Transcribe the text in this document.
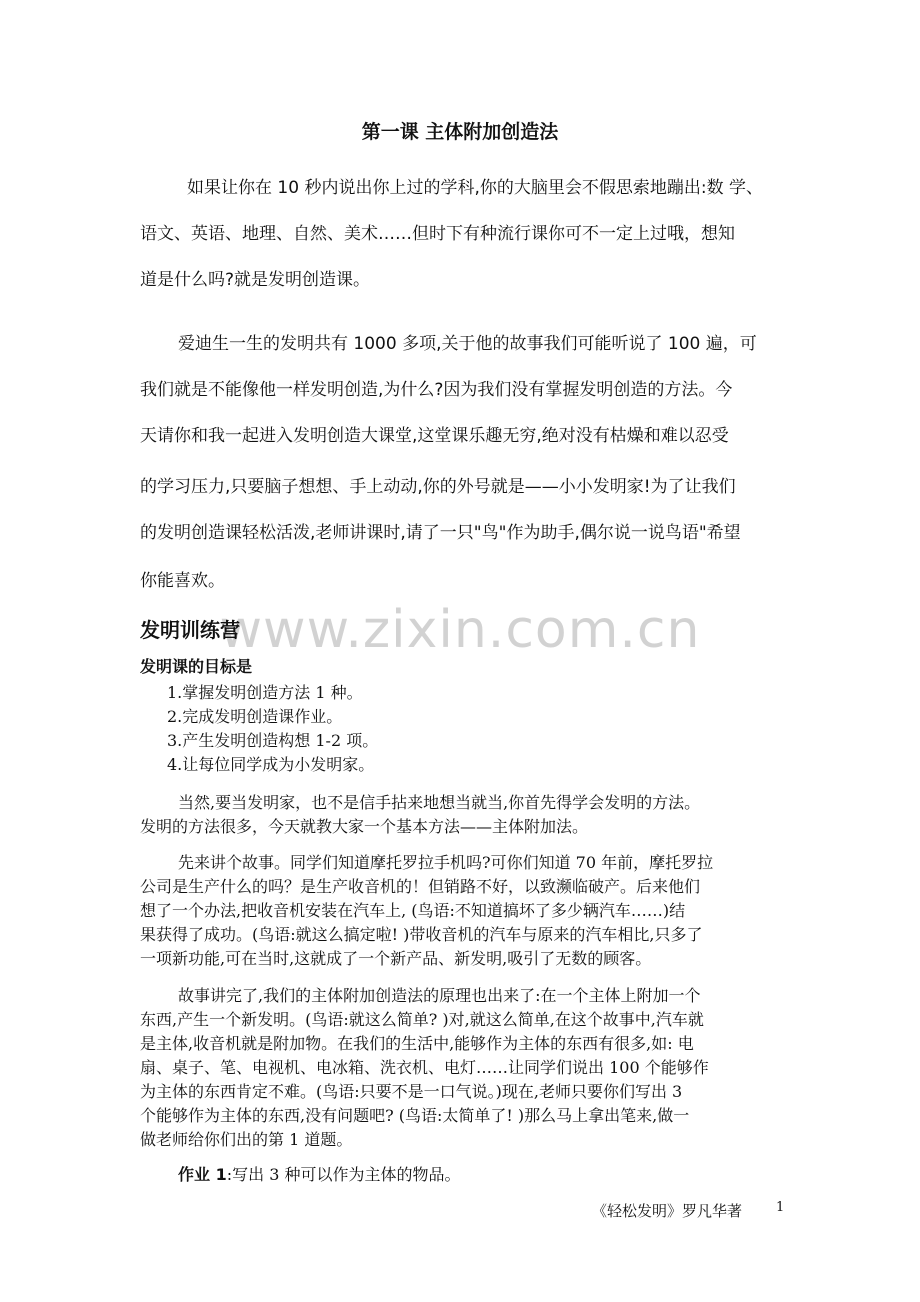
第一课 主体附加创造法
如果让你在 10 秒内说出你上过的学科,你的大脑里会不假思索地蹦出:数 学、
语文、英语、地理、自然、美术……但时下有种流行课你可不一定上过哦，想知
道是什么吗?就是发明创造课。
爱迪生一生的发明共有 1000 多项,关于他的故事我们可能听说了 100 遍，可
我们就是不能像他一样发明创造,为什么?因为我们没有掌握发明创造的方法。今
天请你和我一起进入发明创造大课堂,这堂课乐趣无穷,绝对没有枯燥和难以忍受
的学习压力,只要脑子想想、手上动动,你的外号就是——小小发明家!为了让我们
的发明创造课轻松活泼,老师讲课时,请了一只"鸟"作为助手,偶尔说一说鸟语"希望
你能喜欢。
www.zixin.com.cn
发明训练营
发明课的目标是
1.掌握发明创造方法 1 种。
2.完成发明创造课作业。
3.产生发明创造构想 1-2 项。
4.让每位同学成为小发明家。
当然,要当发明家，也不是信手拈来地想当就当,你首先得学会发明的方法。
发明的方法很多，今天就教大家一个基本方法——主体附加法。
先来讲个故事。同学们知道摩托罗拉手机吗?可你们知道 70 年前，摩托罗拉
公司是生产什么的吗？是生产收音机的！但销路不好，以致濒临破产。后来他们
想了一个办法,把收音机安装在汽车上, (鸟语:不知道搞坏了多少辆汽车……)结
果获得了成功。(鸟语:就这么搞定啦! )带收音机的汽车与原来的汽车相比,只多了
一项新功能,可在当时,这就成了一个新产品、新发明,吸引了无数的顾客。
故事讲完了,我们的主体附加创造法的原理也出来了:在一个主体上附加一个
东西,产生一个新发明。(鸟语:就这么简单? )对,就这么简单,在这个故事中,汽车就
是主体,收音机就是附加物。在我们的生活中,能够作为主体的东西有很多,如: 电
扇、桌子、笔、电视机、电冰箱、洗衣机、电灯……让同学们说出 100 个能够作
为主体的东西肯定不难。(鸟语:只要不是一口气说。)现在,老师只要你们写出 3
个能够作为主体的东西,没有问题吧? (鸟语:太简单了! )那么马上拿出笔来,做一
做老师给你们出的第 1 道题。
作业 1:写出 3 种可以作为主体的物品。
《轻松发明》罗凡华著	1
